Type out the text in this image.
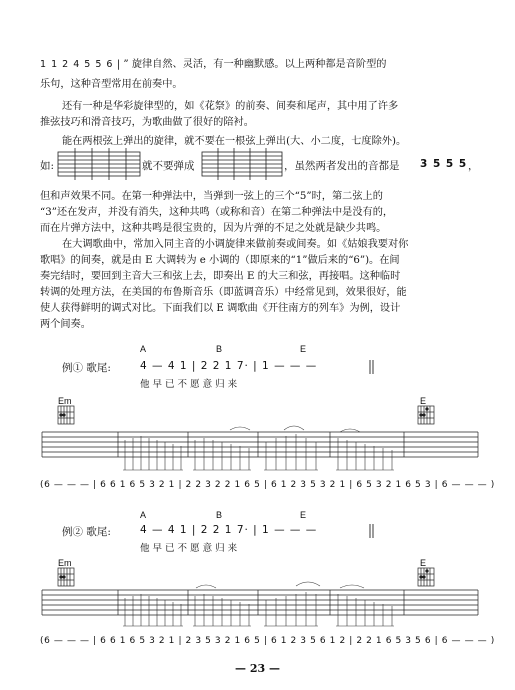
1 1 2 4 5 5 6 | ” 旋律自然、灵活，有一种幽默感。以上两种都是音阶型的
乐句，这种音型常用在前奏中。
还有一种是华彩旋律型的，如《花祭》的前奏、间奏和尾声，其中用了许多
推弦技巧和滑音技巧，为歌曲做了很好的陪衬。
能在两根弦上弹出的旋律，就不要在一根弦上弹出(大、小二度，七度除外)。
如:	就不要弹成	，虽然两者发出的音都是 3 5 5 5 ，
但和声效果不同。在第一种弹法中，当弹到一弦上的三个“5”时，第二弦上的
“3”还在发声，并没有消失，这种共鸣（或称和音）在第二种弹法中是没有的，
而在片弹方法中，这种共鸣是很宝贵的，因为片弹的不足之处就是缺少共鸣。
在大调歌曲中，常加入同主音的小调旋律来做前奏或间奏。如《姑娘我要对你
歌唱》的间奏，就是由 E 大调转为 e 小调的（即原来的“1”做后来的“6”)。在间
奏完结时，要回到主音大三和弦上去，即奏出 E 的大三和弦，再接唱。这种临时
转调的处理方法，在美国的布鲁斯音乐（即蓝调音乐）中经常见到，效果很好，能
使人获得鲜明的调式对比。下面我们以 E 调歌曲《开往南方的列车》为例，设计
两个间奏。
A	B	E
例① 歌尾:	4 — 4 1 | 2 2 1 7· | 1 — — —
他 早 已 不 愿 意 归 来
Em	E
(6 — — — | 6 6 1 6 5 3 2 1 | 2 2 3 2 2 1 6 5 | 6 1 2 3 5 3 2 1 | 6 5 3 2 1 6 5 3 | 6 — — — )
A	B	E
例② 歌尾:	4 — 4 1 | 2 2 1 7· | 1 — — —
他 早 已 不 愿 意 归 来
Em	E
(6 — — — | 6 6 1 6 5 3 2 1 | 2 3 5 3 2 1 6 5 | 6 1 2 3 5 6 1 2 | 2 2 1 6 5 3 5 6 | 6 — — — )
— 23 —
